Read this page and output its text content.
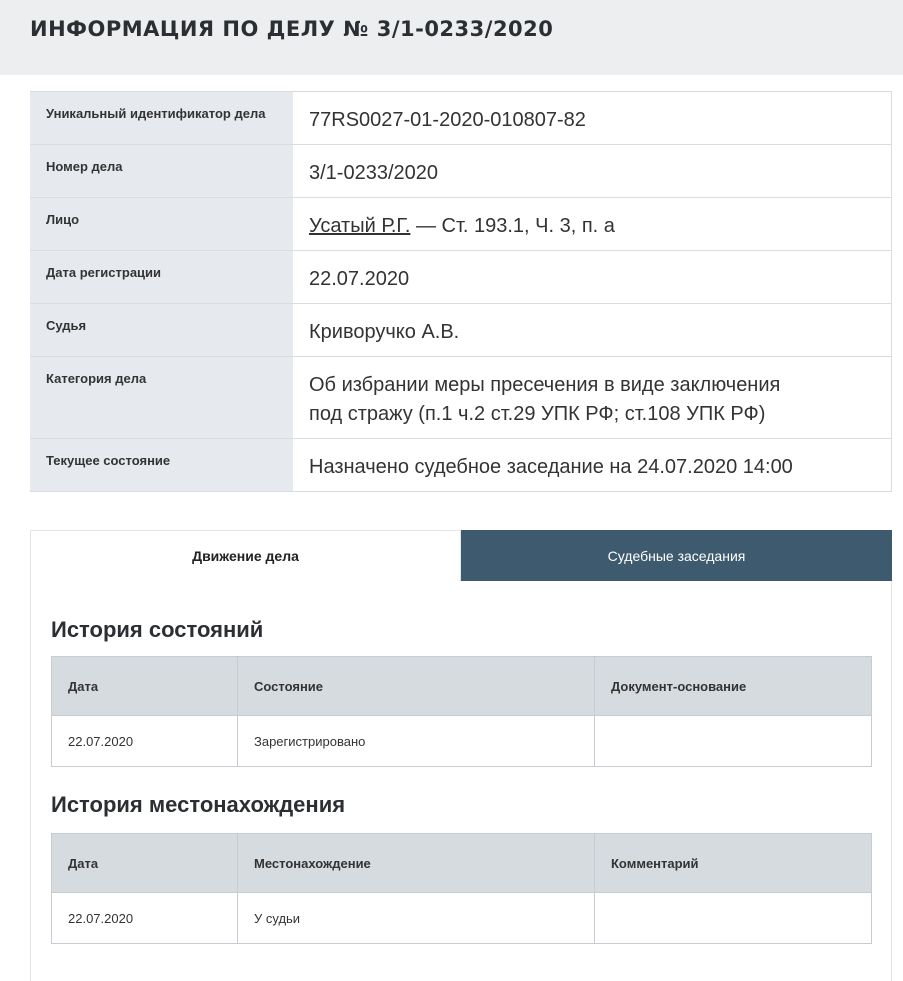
ИНФОРМАЦИЯ ПО ДЕЛУ № 3/1-0233/2020
Уникальный идентификатор дела	77RS0027-01-2020-010807-82
Номер дела	3/1-0233/2020
Лицо	Усатый Р.Г. — Ст. 193.1, Ч. 3, п. а
Дата регистрации	22.07.2020
Судья	Криворучко А.В.
Категория дела	Об избрании меры пресечения в виде заключения
под стражу (п.1 ч.2 ст.29 УПК РФ; ст.108 УПК РФ)
Текущее состояние	Назначено судебное заседание на 24.07.2020 14:00
Движение дела	Судебные заседания
История состояний
Дата	Состояние	Документ-основание
22.07.2020	Зарегистрировано	
История местонахождения
Дата	Местонахождение	Комментарий
22.07.2020	У судьи	
